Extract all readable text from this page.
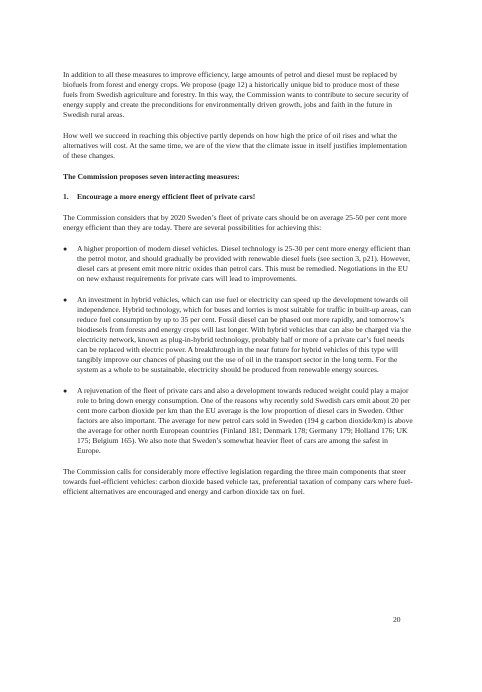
In addition to all these measures to improve efficiency, large amounts of petrol and diesel must be replaced by biofuels from forest and energy crops. We propose (page 12) a historically unique bid to produce most of these fuels from Swedish agriculture and forestry. In this way, the Commission wants to contribute to secure security of energy supply and create the preconditions for environmentally driven growth, jobs and faith in the future in Swedish rural areas.

How well we succeed in reaching this objective partly depends on how high the price of oil rises and what the alternatives will cost. At the same time, we are of the view that the climate issue in itself justifies implementation of these changes.

The Commission proposes seven interacting measures:

1.	Encourage a more energy efficient fleet of private cars!

The Commission considers that by 2020 Sweden’s fleet of private cars should be on average 25-50 per cent more energy efficient than they are today. There are several possibilities for achieving this:

●	A higher proportion of modern diesel vehicles. Diesel technology is 25-30 per cent more energy efficient than the petrol motor, and should gradually be provided with renewable diesel fuels (see section 3, p21). However, diesel cars at present emit more nitric oxides than petrol cars. This must be remedied. Negotiations in the EU on new exhaust requirements for private cars will lead to improvements.
●	An investment in hybrid vehicles, which can use fuel or electricity can speed up the development towards oil independence. Hybrid technology, which for buses and lorries is most suitable for traffic in built-up areas, can reduce fuel consumption by up to 35 per cent. Fossil diesel can be phased out more rapidly, and tomorrow’s biodiesels from forests and energy crops will last longer. With hybrid vehicles that can also be charged via the electricity network, known as plug-in-hybrid technology, probably half or more of a private car’s fuel needs can be replaced with electric power. A breakthrough in the near future for hybrid vehicles of this type will tangibly improve our chances of phasing out the use of oil in the transport sector in the long term. For the system as a whole to be sustainable, electricity should be produced from renewable energy sources.
●	A rejuvenation of the fleet of private cars and also a development towards reduced weight could play a major role to bring down energy consumption. One of the reasons why recently sold Swedish cars emit about 20 per cent more carbon dioxide per km than the EU average is the low proportion of diesel cars in Sweden. Other factors are also important. The average for new petrol cars sold in Sweden (194 g carbon dioxide/km) is above the average for other north European countries (Finland 181; Denmark 178; Germany 179; Holland 176; UK 175; Belgium 165). We also note that Sweden’s somewhat heavier fleet of cars are among the safest in Europe.

The Commission calls for considerably more effective legislation regarding the three main components that steer towards fuel-efficient vehicles: carbon dioxide based vehicle tax, preferential taxation of company cars where fuel-efficient alternatives are encouraged and energy and carbon dioxide tax on fuel.

20
